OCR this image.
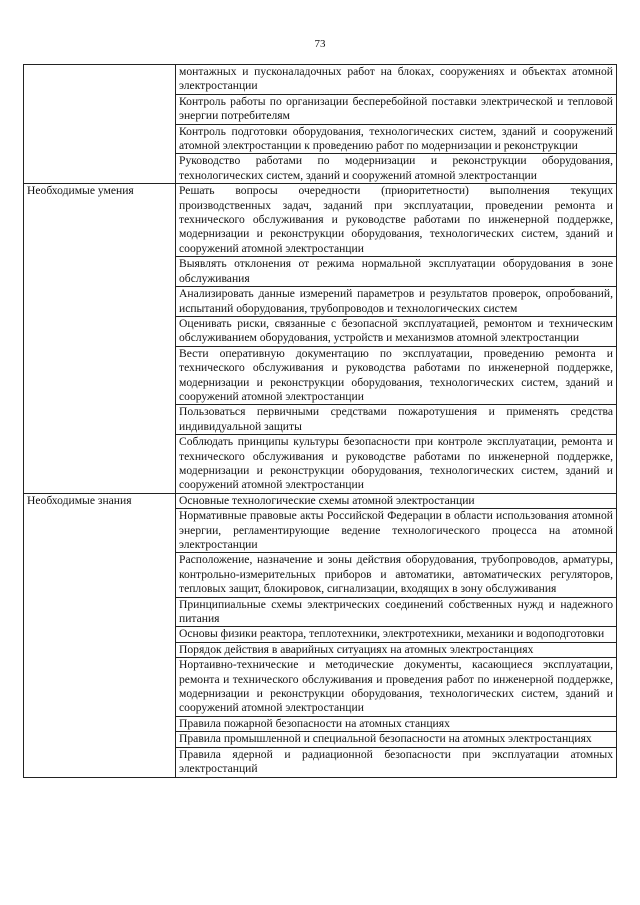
73
	монтажных и пусконаладочных работ на блоках, сооружениях и объектах атомной электростанции
	Контроль работы по организации бесперебойной поставки электрической и тепловой энергии потребителям
	Контроль подготовки оборудования, технологических систем, зданий и сооружений атомной электростанции к проведению работ по модернизации и реконструкции
	Руководство работами по модернизации и реконструкции оборудования, технологических систем, зданий и сооружений атомной электростанции
Необходимые умения	Решать вопросы очередности (приоритетности) выполнения текущих производственных задач, заданий при эксплуатации, проведении ремонта и технического обслуживания и руководстве работами по инженерной поддержке, модернизации и реконструкции оборудования, технологических систем, зданий и сооружений атомной электростанции
	Выявлять отклонения от режима нормальной эксплуатации оборудования в зоне обслуживания
	Анализировать данные измерений параметров и результатов проверок, опробований, испытаний оборудования, трубопроводов и технологических систем
	Оценивать риски, связанные с безопасной эксплуатацией, ремонтом и техническим обслуживанием оборудования, устройств и механизмов атомной электростанции
	Вести оперативную документацию по эксплуатации, проведению ремонта и технического обслуживания и руководства работами по инженерной поддержке, модернизации и реконструкции оборудования, технологических систем, зданий и сооружений атомной электростанции
	Пользоваться первичными средствами пожаротушения и применять средства индивидуальной защиты
	Соблюдать принципы культуры безопасности при контроле эксплуатации, ремонта и технического обслуживания и руководстве работами по инженерной поддержке, модернизации и реконструкции оборудования, технологических систем, зданий и сооружений атомной электростанции
Необходимые знания	Основные технологические схемы атомной электростанции
	Нормативные правовые акты Российской Федерации в области использования атомной энергии, регламентирующие ведение технологического процесса на атомной электростанции
	Расположение, назначение и зоны действия оборудования, трубопроводов, арматуры, контрольно-измерительных приборов и автоматики, автоматических регуляторов, тепловых защит, блокировок, сигнализации, входящих в зону обслуживания
	Принципиальные схемы электрических соединений собственных нужд и надежного питания
	Основы физики реактора, теплотехники, электротехники, механики и водоподготовки
	Порядок действия в аварийных ситуациях на атомных электростанциях
	Нортаивно-технические и методические документы, касающиеся эксплуатации, ремонта и технического обслуживания и проведения работ по инженерной поддержке, модернизации и реконструкции оборудования, технологических систем, зданий и сооружений атомной электростанции
	Правила пожарной безопасности на атомных станциях
	Правила промышленной и специальной безопасности на атомных электростанциях
	Правила ядерной и радиационной безопасности при эксплуатации атомных электростанций
